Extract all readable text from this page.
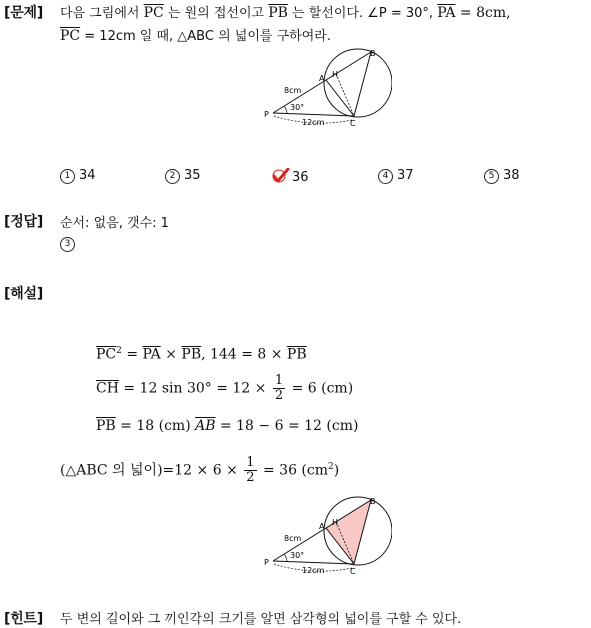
[문제] 다음 그림에서 $\overline{PC}$ 는 원의 접선이고 $\overline{PB}$ 는 할선이다. ∠P = 30°, $\overline{PA} = 8cm$,
$\overline{PC} = 12cm$ 일 때, △ABC 의 넓이를 구하여라.
P
A H
B
C
8cm
30°
12cm
1 34	2 35	36	4 37	5 38
[정답] 순서: 없음, 갯수: 1
3
[해설]
$\overline{PC}^2 = \overline{PA} \times \overline{PB}$, $144 = 8 \times \overline{PB}$
$\overline{CH} = 12$ $\sin 30^\circ = 12 \times \frac{1}{2} = 6$ (cm)
$\overline{PB} = 18$ (cm) $\overline{AB} = 18 - 6 = 12$ (cm)
(△ABC 의 넓이)$=12 \times 6 \times \frac{1}{2} = 36$ $(cm^2)$
P
A H
B
C
8cm
30°
12cm
[힌트] 두 변의 길이와 그 끼인각의 크기를 알면 삼각형의 넓이를 구할 수 있다.
